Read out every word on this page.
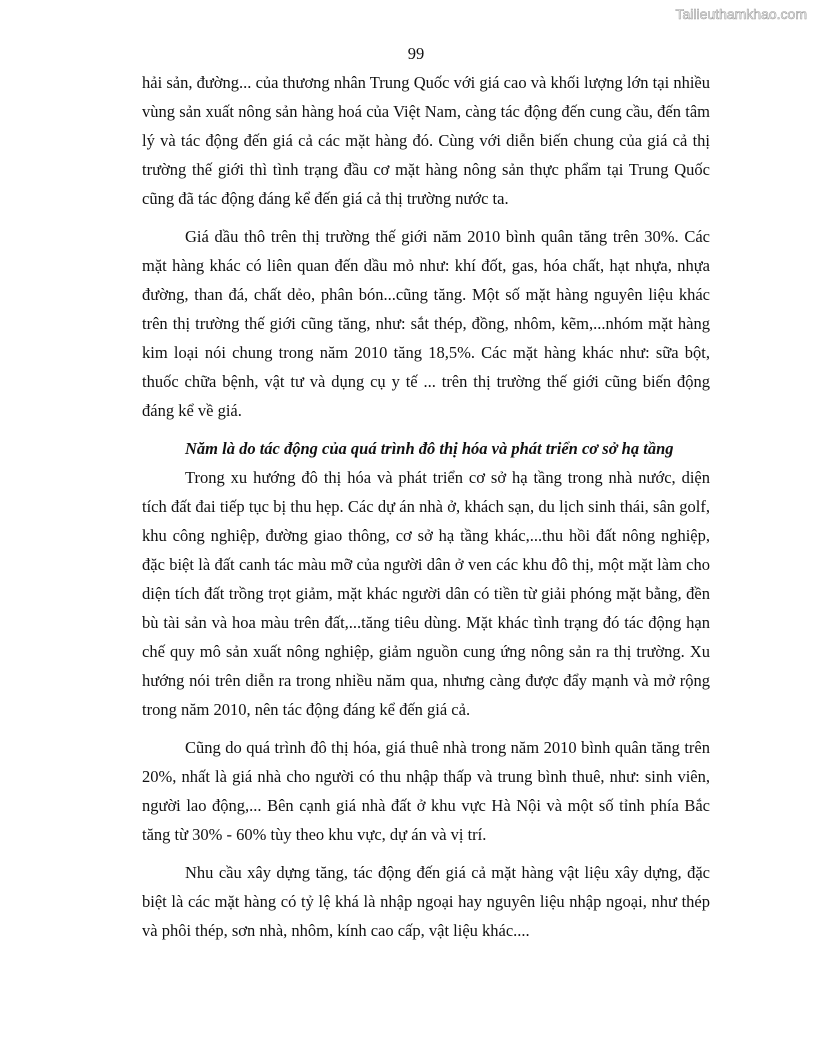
Tailieuthamkhao.com
99

hải sản, đường... của thương nhân Trung Quốc với giá cao và khối lượng lớn tại nhiều vùng sản xuất nông sản hàng hoá của Việt Nam, càng tác động đến cung cầu, đến tâm lý và tác động đến giá cả các mặt hàng đó. Cùng với diễn biến chung của giá cả thị trường thế giới thì tình trạng đầu cơ mặt hàng nông sản thực phẩm tại Trung Quốc cũng đã tác động đáng kể đến giá cả thị trường nước ta.

Giá dầu thô trên thị trường thế giới năm 2010 bình quân tăng trên 30%. Các mặt hàng khác có liên quan đến dầu mỏ như: khí đốt, gas, hóa chất, hạt nhựa, nhựa đường, than đá, chất dẻo, phân bón...cũng tăng. Một số mặt hàng nguyên liệu khác trên thị trường thế giới cũng tăng, như: sắt thép, đồng, nhôm, kẽm,...nhóm mặt hàng kim loại nói chung trong năm 2010 tăng 18,5%. Các mặt hàng khác như: sữa bột, thuốc chữa bệnh, vật tư và dụng cụ y tế ... trên thị trường thế giới cũng biến động đáng kể về giá.

Năm là do tác động của quá trình đô thị hóa và phát triển cơ sở hạ tầng

Trong xu hướng đô thị hóa và phát triển cơ sở hạ tầng trong nhà nước, diện tích đất đai tiếp tục bị thu hẹp. Các dự án nhà ở, khách sạn, du lịch sinh thái, sân golf, khu công nghiệp, đường giao thông, cơ sở hạ tầng khác,...thu hồi đất nông nghiệp, đặc biệt là đất canh tác màu mỡ của người dân ở ven các khu đô thị, một mặt làm cho diện tích đất trồng trọt giảm, mặt khác người dân có tiền từ giải phóng mặt bằng, đền bù tài sản và hoa màu trên đất,...tăng tiêu dùng. Mặt khác tình trạng đó tác động hạn chế quy mô sản xuất nông nghiệp, giảm nguồn cung ứng nông sản ra thị trường. Xu hướng nói trên diễn ra trong nhiều năm qua, nhưng càng được đẩy mạnh và mở rộng trong năm 2010, nên tác động đáng kể đến giá cả.

Cũng do quá trình đô thị hóa, giá thuê nhà trong năm 2010 bình quân tăng trên 20%, nhất là giá nhà cho người có thu nhập thấp và trung bình thuê, như: sinh viên, người lao động,... Bên cạnh giá nhà đất ở khu vực Hà Nội và một số tỉnh phía Bắc tăng từ 30% - 60% tùy theo khu vực, dự án và vị trí.

Nhu cầu xây dựng tăng, tác động đến giá cả mặt hàng vật liệu xây dựng, đặc biệt là các mặt hàng có tỷ lệ khá là nhập ngoại hay nguyên liệu nhập ngoại, như thép và phôi thép, sơn nhà, nhôm, kính cao cấp, vật liệu khác....
